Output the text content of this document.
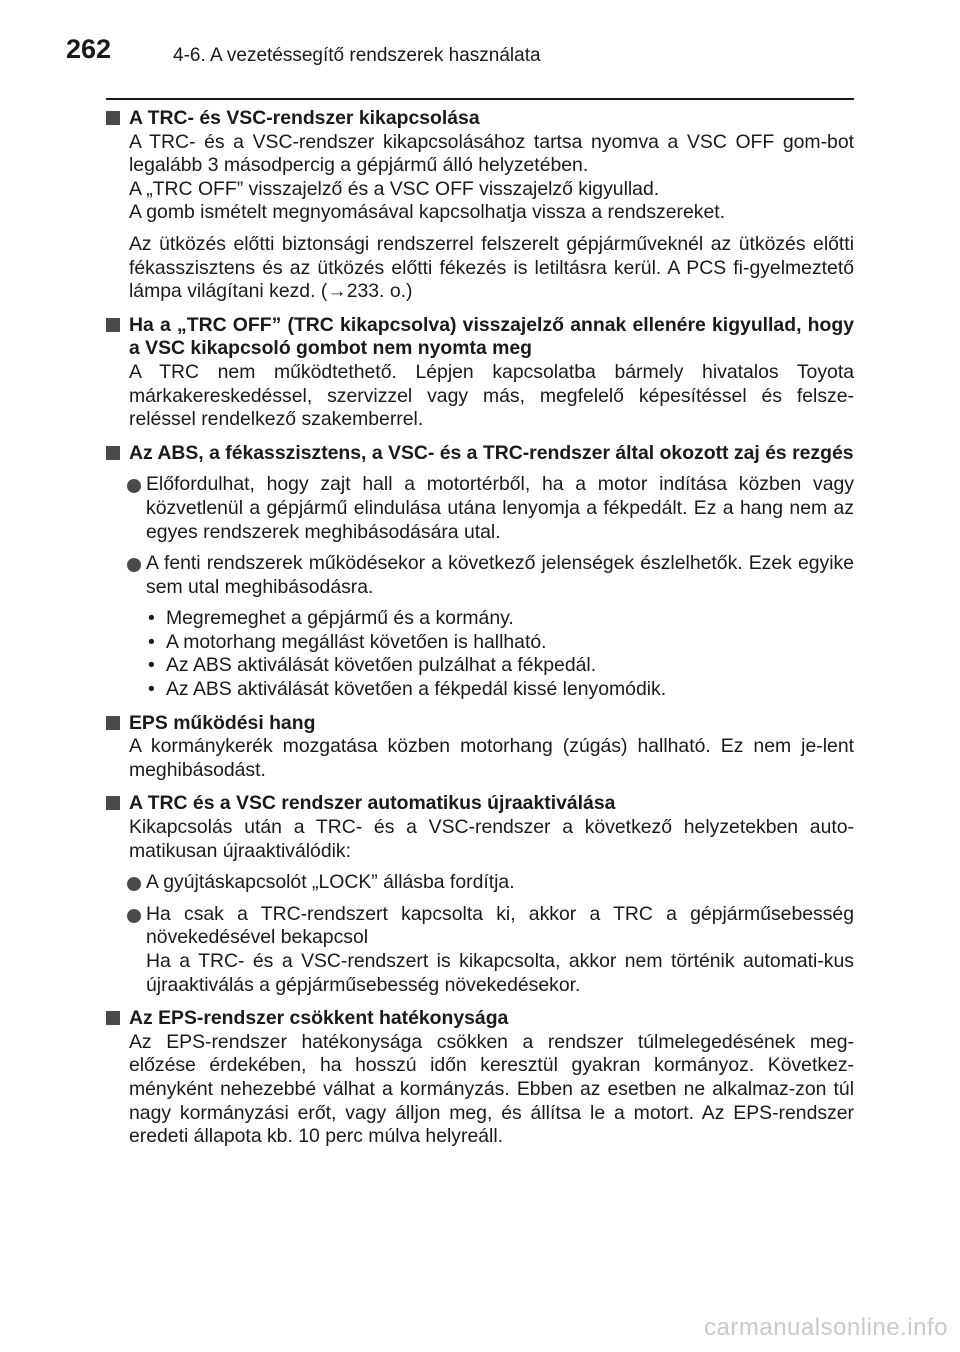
262	4-6. A vezetéssegítő rendszerek használata
A TRC- és VSC-rendszer kikapcsolása

A TRC- és a VSC-rendszer kikapcsolásához tartsa nyomva a VSC OFF gom-bot legalább 3 másodpercig a gépjármű álló helyzetében.

A „TRC OFF” visszajelző és a VSC OFF visszajelző kigyullad.

A gomb ismételt megnyomásával kapcsolhatja vissza a rendszereket.

Az ütközés előtti biztonsági rendszerrel felszerelt gépjárműveknél az ütközés előtti fékasszisztens és az ütközés előtti fékezés is letiltásra kerül. A PCS fi-gyelmeztető lámpa világítani kezd. (→233. o.)

Ha a „TRC OFF” (TRC kikapcsolva) visszajelző annak ellenére kigyullad, hogy a VSC kikapcsoló gombot nem nyomta meg

A TRC nem működtethető. Lépjen kapcsolatba bármely hivatalos Toyota márkakereskedéssel, szervizzel vagy más, megfelelő képesítéssel és felsze-reléssel rendelkező szakemberrel.

Az ABS, a fékasszisztens, a VSC- és a TRC-rendszer által okozott zaj és rezgés
Előfordulhat, hogy zajt hall a motortérből, ha a motor indítása közben vagy közvetlenül a gépjármű elindulása utána lenyomja a fékpedált. Ez a hang nem az egyes rendszerek meghibásodására utal.
A fenti rendszerek működésekor a következő jelenségek észlelhetők. Ezek egyike sem utal meghibásodásra.
• Megremeghet a gépjármű és a kormány.
• A motorhang megállást követően is hallható.
• Az ABS aktiválását követően pulzálhat a fékpedál.
• Az ABS aktiválását követően a fékpedál kissé lenyomódik.
EPS működési hang

A kormánykerék mozgatása közben motorhang (zúgás) hallható. Ez nem je-lent meghibásodást.

A TRC és a VSC rendszer automatikus újraaktiválása

Kikapcsolás után a TRC- és a VSC-rendszer a következő helyzetekben auto-matikusan újraaktiválódik:

A gyújtáskapcsolót „LOCK” állásba fordítja.
Ha csak a TRC-rendszert kapcsolta ki, akkor a TRC a gépjárműsebesség növekedésével bekapcsol
Ha a TRC- és a VSC-rendszert is kikapcsolta, akkor nem történik automati-kus újraaktiválás a gépjárműsebesség növekedésekor.
Az EPS-rendszer csökkent hatékonysága

Az EPS-rendszer hatékonysága csökken a rendszer túlmelegedésének meg-előzése érdekében, ha hosszú időn keresztül gyakran kormányoz. Következ-ményként nehezebbé válhat a kormányzás. Ebben az esetben ne alkalmaz-zon túl nagy kormányzási erőt, vagy álljon meg, és állítsa le a motort. Az EPS-rendszer eredeti állapota kb. 10 perc múlva helyreáll.

carmanualsonline.info
